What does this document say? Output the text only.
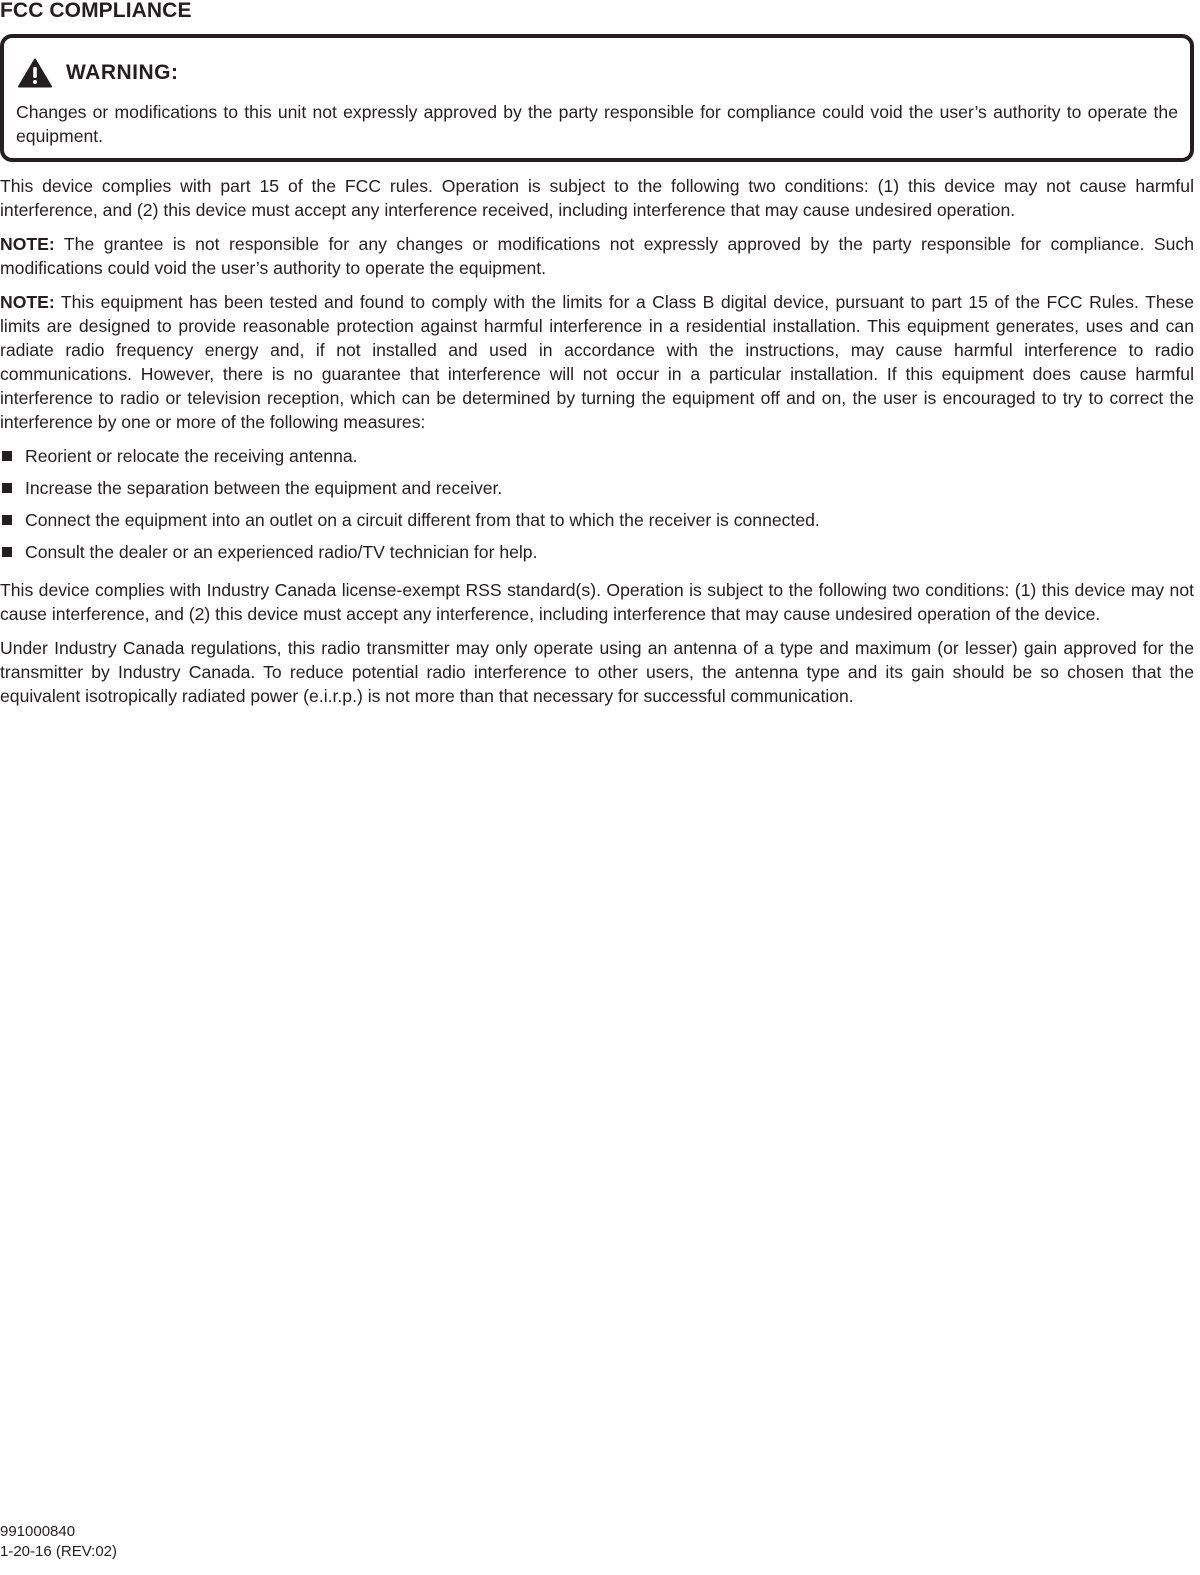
FCC COMPLIANCE
WARNING:

Changes or modifications to this unit not expressly approved by the party responsible for compliance could void the user’s authority to operate the equipment.

This device complies with part 15 of the FCC rules. Operation is subject to the following two conditions: (1) this device may not cause harmful interference, and (2) this device must accept any interference received, including interference that may cause undesired operation.

NOTE: The grantee is not responsible for any changes or modifications not expressly approved by the party responsible for compliance. Such modifications could void the user’s authority to operate the equipment.

NOTE: This equipment has been tested and found to comply with the limits for a Class B digital device, pursuant to part 15 of the FCC Rules. These limits are designed to provide reasonable protection against harmful interference in a residential installation. This equipment generates, uses and can radiate radio frequency energy and, if not installed and used in accordance with the instructions, may cause harmful interference to radio communications. However, there is no guarantee that interference will not occur in a particular installation. If this equipment does cause harmful interference to radio or television reception, which can be determined by turning the equipment off and on, the user is encouraged to try to correct the interference by one or more of the following measures:

Reorient or relocate the receiving antenna.
Increase the separation between the equipment and receiver.
Connect the equipment into an outlet on a circuit different from that to which the receiver is connected.
Consult the dealer or an experienced radio/TV technician for help.

This device complies with Industry Canada license-exempt RSS standard(s). Operation is subject to the following two conditions: (1) this device may not cause interference, and (2) this device must accept any interference, including interference that may cause undesired operation of the device.

Under Industry Canada regulations, this radio transmitter may only operate using an antenna of a type and maximum (or lesser) gain approved for the transmitter by Industry Canada. To reduce potential radio interference to other users, the antenna type and its gain should be so chosen that the equivalent isotropically radiated power (e.i.r.p.) is not more than that necessary for successful communication.

991000840
1-20-16 (REV:02)
